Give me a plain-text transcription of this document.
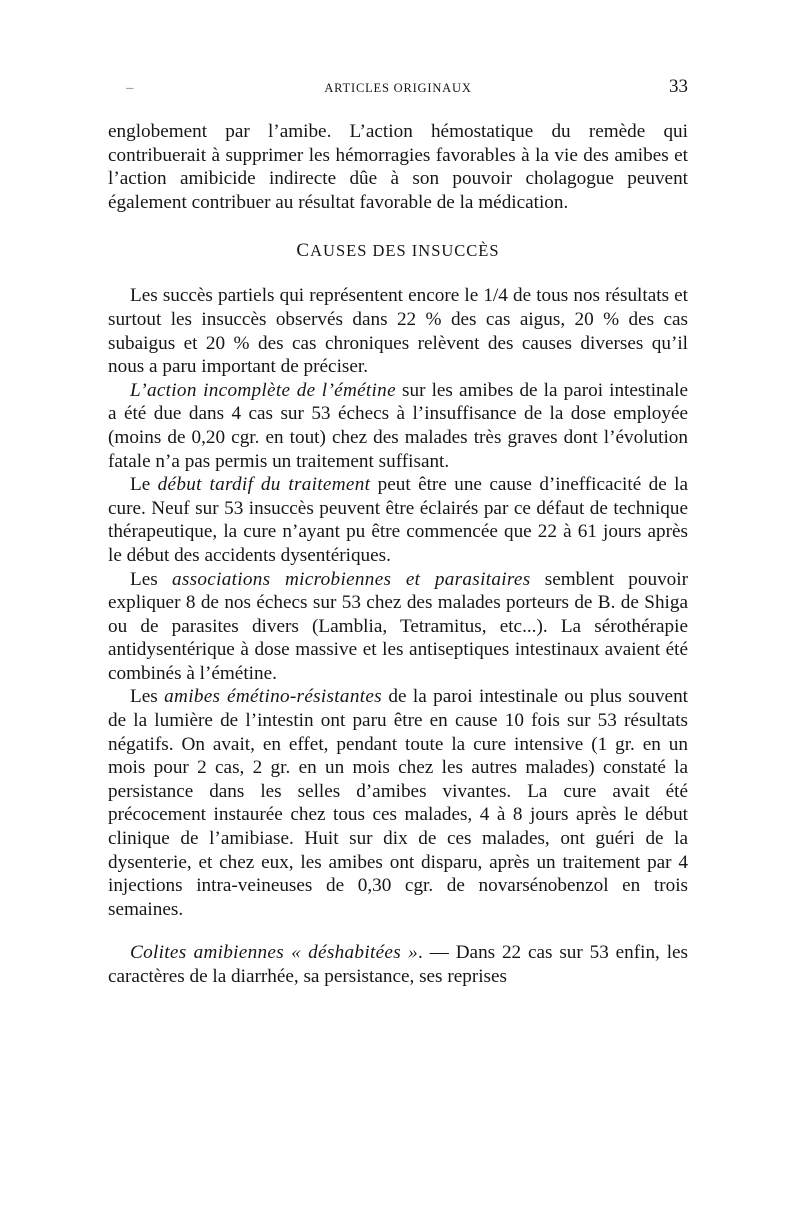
–	ARTICLES ORIGINAUX	33

englobement par l’amibe. L’action hémostatique du remède qui contribuerait à supprimer les hémorragies favorables à la vie des amibes et l’action amibicide indirecte dûe à son pouvoir cholagogue peuvent également contribuer au résultat favorable de la médication.

CAUSES DES INSUCCÈS

Les succès partiels qui représentent encore le 1/4 de tous nos résultats et surtout les insuccès observés dans 22 % des cas aigus, 20 % des cas subaigus et 20 % des cas chroniques relèvent des causes diverses qu’il nous a paru important de préciser.

L’action incomplète de l’émétine sur les amibes de la paroi intestinale a été due dans 4 cas sur 53 échecs à l’insuffisance de la dose employée (moins de 0,20 cgr. en tout) chez des malades très graves dont l’évolution fatale n’a pas permis un traitement suffisant.

Le début tardif du traitement peut être une cause d’inefficacité de la cure. Neuf sur 53 insuccès peuvent être éclairés par ce défaut de technique thérapeutique, la cure n’ayant pu être commencée que 22 à 61 jours après le début des accidents dysentériques.

Les associations microbiennes et parasitaires semblent pouvoir expliquer 8 de nos échecs sur 53 chez des malades porteurs de B. de Shiga ou de parasites divers (Lamblia, Tetramitus, etc...). La sérothérapie antidysentérique à dose massive et les antiseptiques intestinaux avaient été combinés à l’émétine.

Les amibes émétino-résistantes de la paroi intestinale ou plus souvent de la lumière de l’intestin ont paru être en cause 10 fois sur 53 résultats négatifs. On avait, en effet, pendant toute la cure intensive (1 gr. en un mois pour 2 cas, 2 gr. en un mois chez les autres malades) constaté la persistance dans les selles d’amibes vivantes. La cure avait été précocement instaurée chez tous ces malades, 4 à 8 jours après le début clinique de l’amibiase. Huit sur dix de ces malades, ont guéri de la dysenterie, et chez eux, les amibes ont disparu, après un traitement par 4 injections intra-veineuses de 0,30 cgr. de novarsénobenzol en trois semaines.

Colites amibiennes « déshabitées ». — Dans 22 cas sur 53 enfin, les caractères de la diarrhée, sa persistance, ses reprises
